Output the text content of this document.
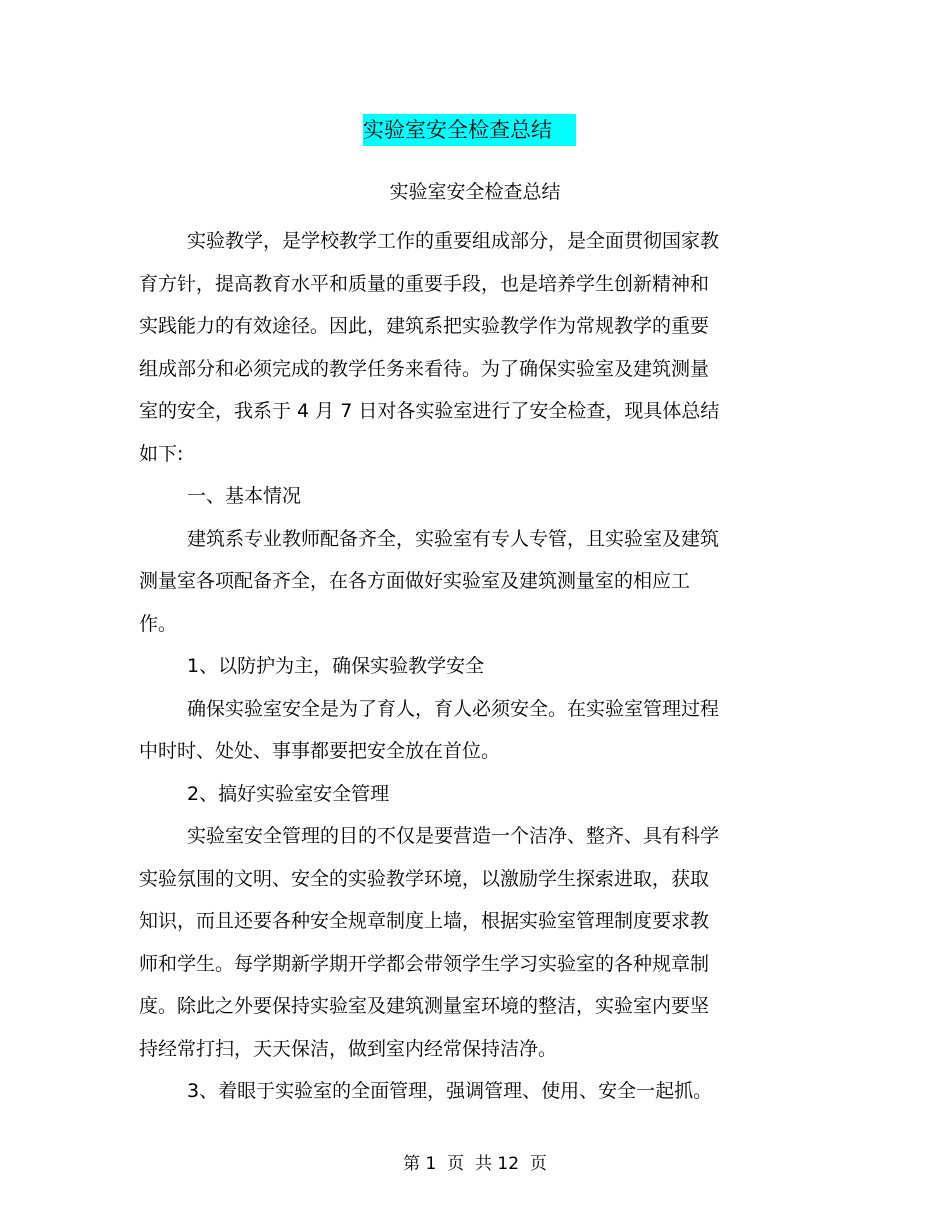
实验室安全检查总结
实验室安全检查总结

实验教学，是学校教学工作的重要组成部分，是全面贯彻国家教
育方针，提高教育水平和质量的重要手段，也是培养学生创新精神和
实践能力的有效途径。因此，建筑系把实验教学作为常规教学的重要
组成部分和必须完成的教学任务来看待。为了确保实验室及建筑测量
室的安全，我系于 4 月 7 日对各实验室进行了安全检查，现具体总结
如下:

一、基本情况

建筑系专业教师配备齐全，实验室有专人专管，且实验室及建筑
测量室各项配备齐全，在各方面做好实验室及建筑测量室的相应工
作。

1、以防护为主，确保实验教学安全

确保实验室安全是为了育人，育人必须安全。在实验室管理过程
中时时、处处、事事都要把安全放在首位。

2、搞好实验室安全管理

实验室安全管理的目的不仅是要营造一个洁净、整齐、具有科学
实验氛围的文明、安全的实验教学环境，以激励学生探索进取，获取
知识，而且还要各种安全规章制度上墙，根据实验室管理制度要求教
师和学生。每学期新学期开学都会带领学生学习实验室的各种规章制
度。除此之外要保持实验室及建筑测量室环境的整洁，实验室内要坚
持经常打扫，天天保洁，做到室内经常保持洁净。

3、着眼于实验室的全面管理，强调管理、使用、安全一起抓。

第 1  页  共 12  页
